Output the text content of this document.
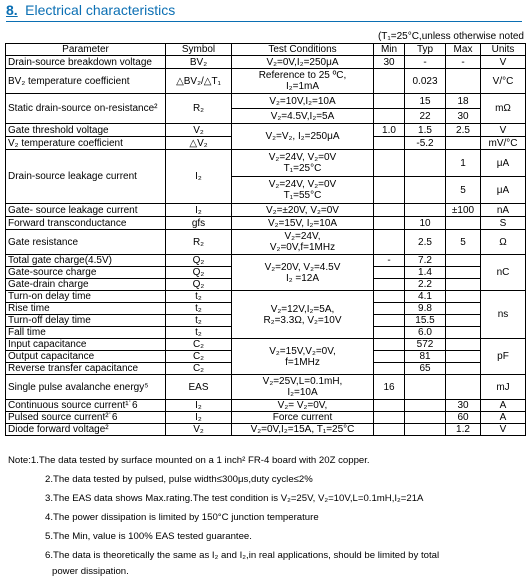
8. Electrical characteristics
(T₁=25°C,unless otherwise noted
Parameter	Symbol	Test Conditions	Min	Typ	Max	Units
Drain-source breakdown voltage	BV₂	V₂=0V,I₂=250μA	30	-	-	V
BV₂ temperature coefficient	△BV₂/△T₁	Reference to 25 ºC,
I₂=1mA		0.023		V/°C
Static drain-source on-resistance²	R₂	V₂=10V,I₂=10A		15	18	mΩ
		V₂=4.5V,I₂=5A		22	30	
Gate threshold voltage	V₂	V₂=V₂, I₂=250μA	1.0	1.5	2.5	V
V₂ temperature coefficient	△V₂			-5.2		mV/°C
Drain-source leakage current	I₂	V₂=24V, V₂=0V
T₁=25°C			1	μA

		V₂=24V, V₂=0V
T₁=55°C			5	μA
Gate- source leakage current	I₂	V₂=±20V, V₂=0V			±100	nA
Forward transconductance	gfs	V₂=15V, I₂=10A		10		S
Gate resistance	R₂	V₂=24V,
V₂=0V,f=1MHz		2.5	5	Ω
Total gate charge(4.5V)	Q₂	V₂=20V, V₂=4.5V
I₂ =12A	-	7.2		nC
Gate-source charge	Q₂			1.4		
Gate-drain charge	Q₂			2.2		
Turn-on delay time	t₂	V₂=12V,I₂=5A,
R₂=3.3Ω, V₂=10V		4.1		ns
Rise time	t₂			9.8		
Turn-off delay time	t₂			15.5		
Fall time	t₂			6.0		
Input capacitance	C₂	V₂=15V,V₂=0V,
f=1MHz		572		pF
Output capacitance	C₂			81		
Reverse transfer capacitance	C₂			65		
Single pulse avalanche energy⁵	EAS	V₂=25V,L=0.1mH,
I₂=10A	16			mJ
Continuous source current¹˙6	I₂	V₂= V₂=0V,			30	A
Pulsed source current²˙6	I₂	Force current			60	A
Diode forward voltage²	V₂	V₂=0V,I₂=15A, T₁=25°C			1.2	V
Note:1.The data tested by surface mounted on a 1 inch² FR-4 board with 20Z copper.
2.The data tested by pulsed, pulse width≤300μs,duty cycle≤2%
3.The EAS data shows Max.rating.The test condition is V₂=25V, V₂=10V,L=0.1mH,I₂=21A
4.The power dissipation is limited by 150°C junction temperature
5.The Min, value is 100% EAS tested guarantee.
6.The data is theoretically the same as I₂ and I₂,in real applications, should be limited by total
power dissipation.
